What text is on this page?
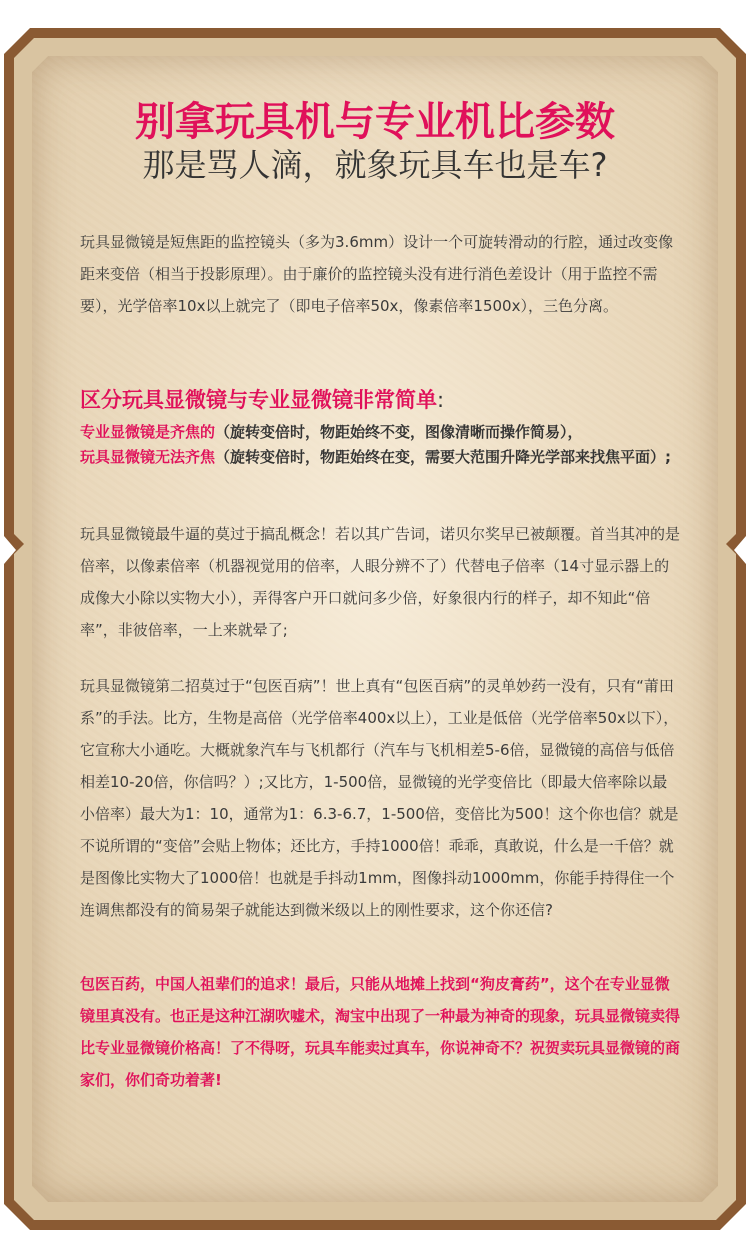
别拿玩具机与专业机比参数
那是骂人滴，就象玩具车也是车?

玩具显微镜是短焦距的监控镜头（多为3.6mm）设计一个可旋转滑动的行腔，通过改变像距来变倍（相当于投影原理）。由于廉价的监控镜头没有进行消色差设计（用于监控不需要），光学倍率10x以上就完了（即电子倍率50x，像素倍率1500x），三色分离。

区分玩具显微镜与专业显微镜非常简单:
专业显微镜是齐焦的（旋转变倍时，物距始终不变，图像清晰而操作简易），
玩具显微镜无法齐焦（旋转变倍时，物距始终在变，需要大范围升降光学部来找焦平面）;

玩具显微镜最牛逼的莫过于搞乱概念！若以其广告词，诺贝尔奖早已被颠覆。首当其冲的是倍率，以像素倍率（机器视觉用的倍率，人眼分辨不了）代替电子倍率（14寸显示器上的成像大小除以实物大小），弄得客户开口就问多少倍，好象很内行的样子，却不知此“倍率”，非彼倍率，一上来就晕了;

玩具显微镜第二招莫过于“包医百病”！世上真有“包医百病”的灵单妙药一没有，只有“莆田系”的手法。比方，生物是高倍（光学倍率400x以上），工业是低倍（光学倍率50x以下），它宣称大小通吃。大概就象汽车与飞机都行（汽车与飞机相差5-6倍，显微镜的高倍与低倍相差10-20倍，你信吗？）;又比方，1-500倍，显微镜的光学变倍比（即最大倍率除以最小倍率）最大为1：10，通常为1：6.3-6.7，1-500倍，变倍比为500！这个你也信？就是不说所谓的“变倍”会贴上物体；还比方，手持1000倍！乖乖，真敢说，什么是一千倍？就是图像比实物大了1000倍！也就是手抖动1mm，图像抖动1000mm，你能手持得住一个连调焦都没有的简易架子就能达到微米级以上的刚性要求，这个你还信?

包医百药，中国人祖辈们的追求！最后，只能从地摊上找到“狗皮膏药”，这个在专业显微镜里真没有。也正是这种江湖吹嘘术，淘宝中出现了一种最为神奇的现象，玩具显微镜卖得比专业显微镜价格高！了不得呀，玩具车能卖过真车，你说神奇不？祝贺卖玩具显微镜的商家们，你们奇功着著!
